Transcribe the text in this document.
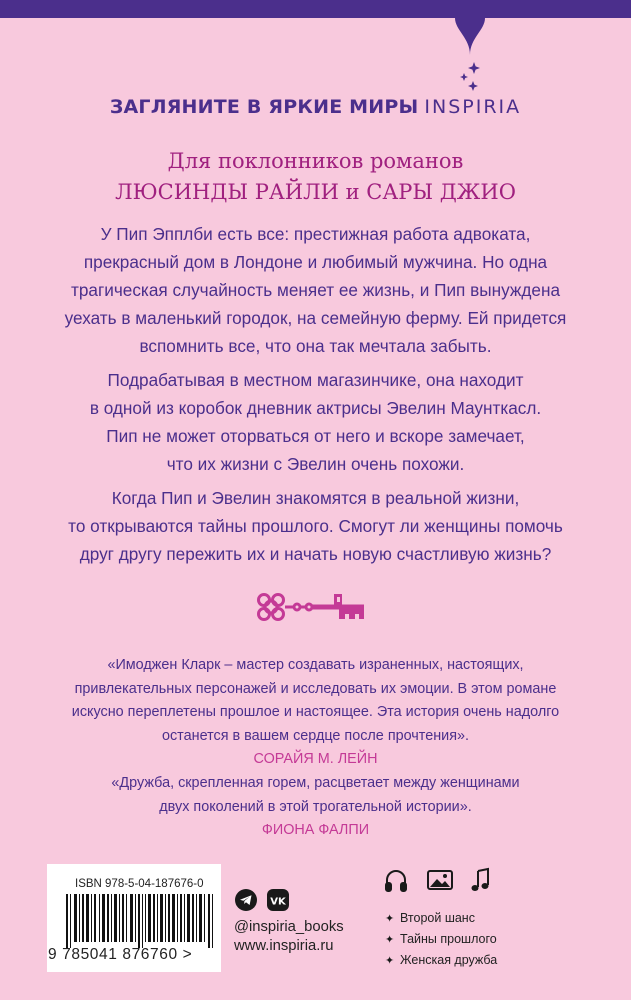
ЗАГЛЯНИТЕ В ЯРКИЕ МИРЫ INSPIRIA
Для поклонников романов
ЛЮСИНДЫ РАЙЛИ и САРЫ ДЖИО
У Пип Эпплби есть все: престижная работа адвоката,
прекрасный дом в Лондоне и любимый мужчина. Но одна
трагическая случайность меняет ее жизнь, и Пип вынуждена
уехать в маленький городок, на семейную ферму. Ей придется
вспомнить все, что она так мечтала забыть.
Подрабатывая в местном магазинчике, она находит
в одной из коробок дневник актрисы Эвелин Маунткасл.
Пип не может оторваться от него и вскоре замечает,
что их жизни с Эвелин очень похожи.
Когда Пип и Эвелин знакомятся в реальной жизни,
то открываются тайны прошлого. Смогут ли женщины помочь
друг другу пережить их и начать новую счастливую жизнь?
«Имоджен Кларк – мастер создавать израненных, настоящих,
привлекательных персонажей и исследовать их эмоции. В этом романе
искусно переплетены прошлое и настоящее. Эта история очень надолго
останется в вашем сердце после прочтения».
СОРАЙЯ М. ЛЕЙН
«Дружба, скрепленная горем, расцветает между женщинами
двух поколений в этой трогательной истории».
ФИОНА ФАЛПИ
ISBN 978-5-04-187676-0
9 785041 876760 >
VK
@inspiria_books
www.inspiria.ru
✦ Второй шанс
✦ Тайны прошлого
✦ Женская дружба
